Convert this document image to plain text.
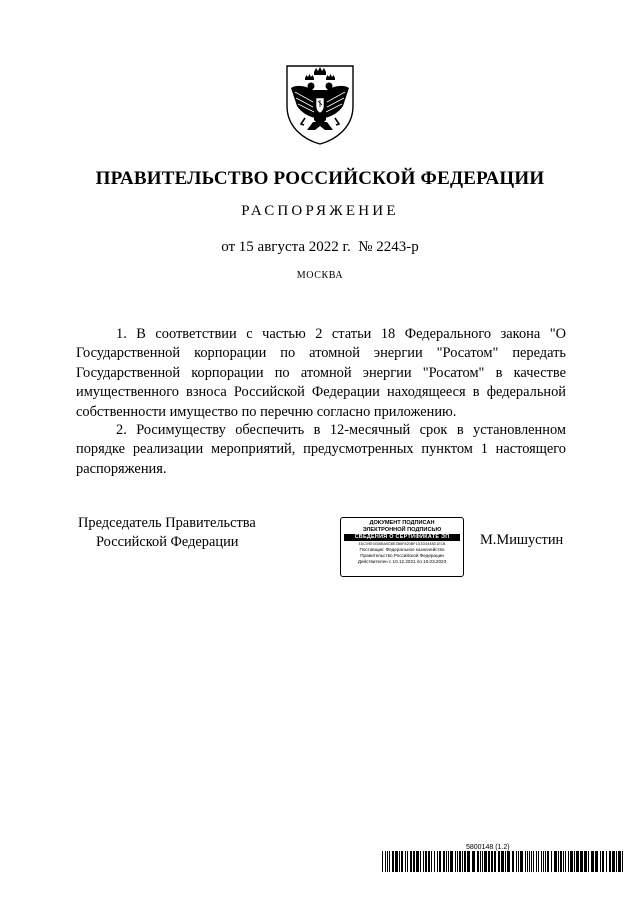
ПРАВИТЕЛЬСТВО РОССИЙСКОЙ ФЕДЕРАЦИИ
РАСПОРЯЖЕНИЕ
от 15 августа 2022 г. № 2243-р
МОСКВА

1. В соответствии с частью 2 статьи 18 Федерального закона "О Государственной корпорации по атомной энергии "Росатом" передать Государственной корпорации по атомной энергии "Росатом" в качестве имущественного взноса Российской Федерации находящееся в федеральной собственности имущество по перечню согласно приложению.

2. Росимуществу обеспечить в 12-месячный срок в установленном порядке реализации мероприятий, предусмотренных пунктом 1 настоящего распоряжения.

Председатель Правительства
Российской Федерации
ДОКУМЕНТ ПОДПИСАН
ЭЛЕКТРОННОЙ ПОДПИСЬЮ
СВЕДЕНИЯ О СЕРТИФИКАТЕ ЭП
4DC09E0036BA0D8E3B6F820BF1D3D4448D1E1B
Поставщик: Федеральное казначейство
Правительство Российской Федерации
Действителен с 10.12.2021 по 10.03.2023
М.Мишустин
5800148 (1.2)
